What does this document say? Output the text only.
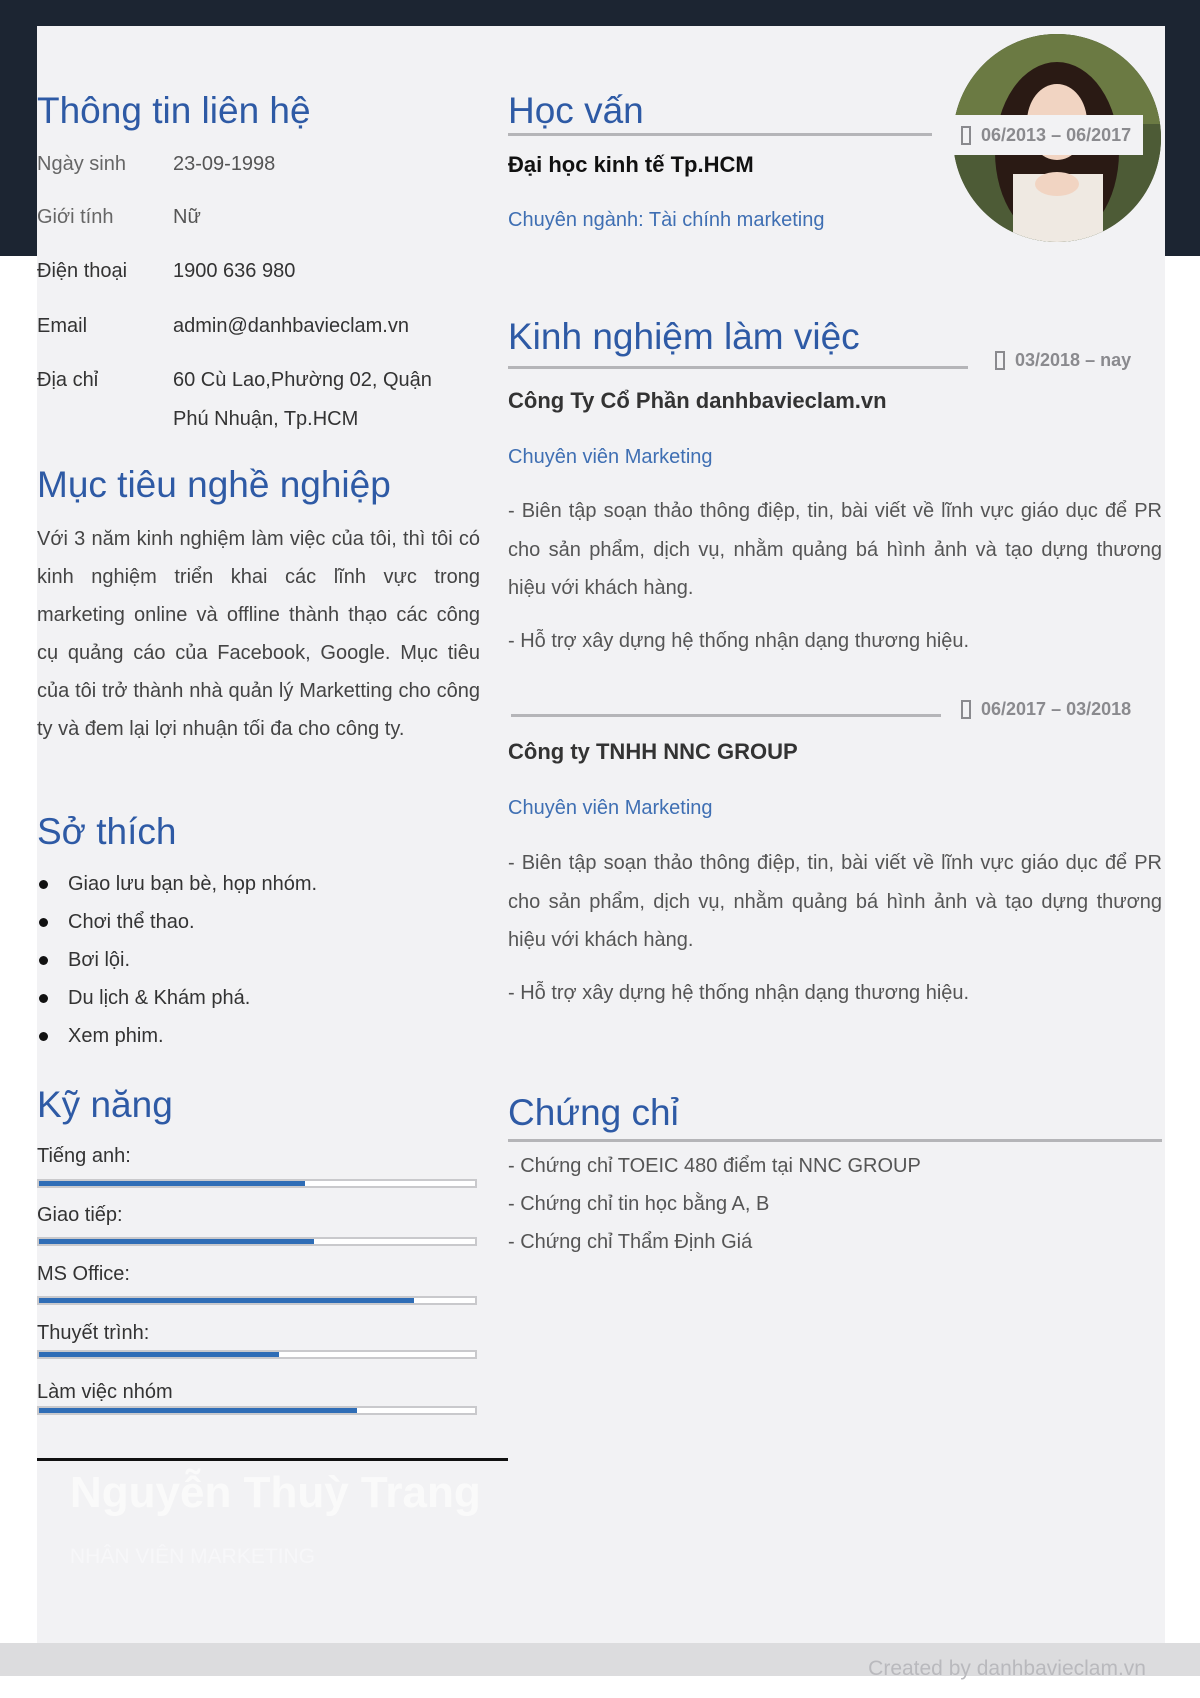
Thông tin liên hệ
Ngày sinh 23-09-1998
Giới tính	Nữ
Điện thoại 1900 636 980
Email	admin@danhbavieclam.vn
Địa chỉ	60 Cù Lao,Phường 02, Quận
Phú Nhuận, Tp.HCM
Mục tiêu nghề nghiệp
Với 3 năm kinh nghiệm làm việc của tôi, thì tôi có kinh nghiệm triển khai các lĩnh vực trong marketing online và offline thành thạo các công cụ quảng cáo của Facebook, Google. Mục tiêu của tôi trở thành nhà quản lý Marketting cho công ty và đem lại lợi nhuận tối đa cho công ty.
Sở thích
Giao lưu bạn bè, họp nhóm.
Chơi thể thao.
Bơi lội.
Du lịch & Khám phá.
Xem phim.
Kỹ năng
Tiếng anh:
Giao tiếp:
MS Office:
Thuyết trình:
Làm việc nhóm
Nguyễn Thuỳ Trang
NHÂN VIÊN MARKETING
Học vấn
06/2013 – 06/2017
Đại học kinh tế Tp.HCM
Chuyên ngành: Tài chính marketing
Kinh nghiệm làm việc
03/2018 – nay
Công Ty Cổ Phần danhbavieclam.vn
Chuyên viên Marketing
- Biên tập soạn thảo thông điệp, tin, bài viết về lĩnh vực giáo dục để PR cho sản phẩm, dịch vụ, nhằm quảng bá hình ảnh và tạo dựng thương hiệu với khách hàng.
- Hỗ trợ xây dựng hệ thống nhận dạng thương hiệu.
06/2017 – 03/2018
Công ty TNHH NNC GROUP
Chuyên viên Marketing
- Biên tập soạn thảo thông điệp, tin, bài viết về lĩnh vực giáo dục để PR cho sản phẩm, dịch vụ, nhằm quảng bá hình ảnh và tạo dựng thương hiệu với khách hàng.
- Hỗ trợ xây dựng hệ thống nhận dạng thương hiệu.
Chứng chỉ
- Chứng chỉ TOEIC 480 điểm tại NNC GROUP
- Chứng chỉ tin học bằng A, B
- Chứng chỉ Thẩm Định Giá
Created by danhbavieclam.vn
